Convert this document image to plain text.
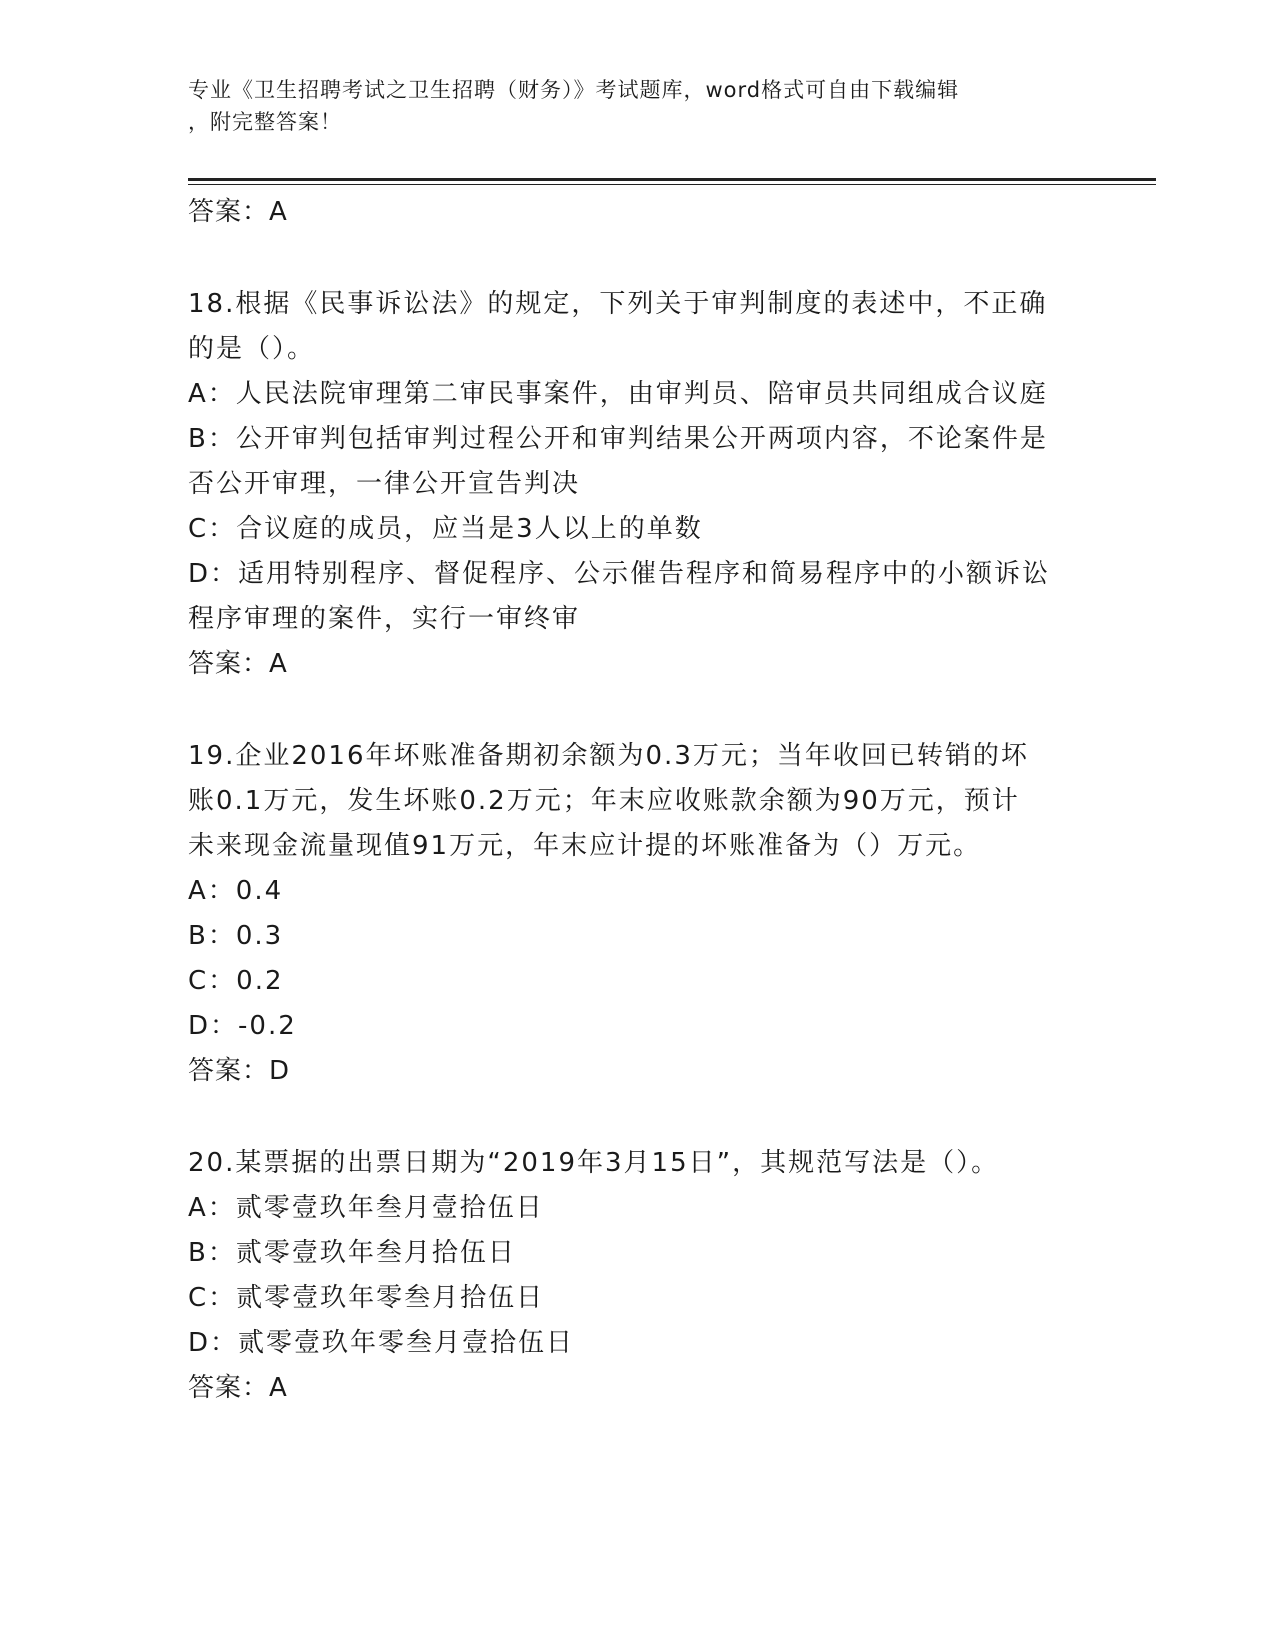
专业《卫生招聘考试之卫生招聘（财务）》考试题库，word格式可自由下载编辑
，附完整答案！
答案：A
18.根据《民事诉讼法》的规定，下列关于审判制度的表述中，不正确
的是（）。
A：人民法院审理第二审民事案件，由审判员、陪审员共同组成合议庭
B：公开审判包括审判过程公开和审判结果公开两项内容，不论案件是
否公开审理，一律公开宣告判决
C：合议庭的成员，应当是3人以上的单数
D：适用特别程序、督促程序、公示催告程序和简易程序中的小额诉讼
程序审理的案件，实行一审终审
答案：A
19.企业2016年坏账准备期初余额为0.3万元；当年收回已转销的坏
账0.1万元，发生坏账0.2万元；年末应收账款余额为90万元，预计
未来现金流量现值91万元，年末应计提的坏账准备为（）万元。
A：0.4
B：0.3
C：0.2
D：-0.2
答案：D
20.某票据的出票日期为“2019年3月15日”，其规范写法是（）。
A：贰零壹玖年叁月壹拾伍日
B：贰零壹玖年叁月拾伍日
C：贰零壹玖年零叁月拾伍日
D：贰零壹玖年零叁月壹拾伍日
答案：A
